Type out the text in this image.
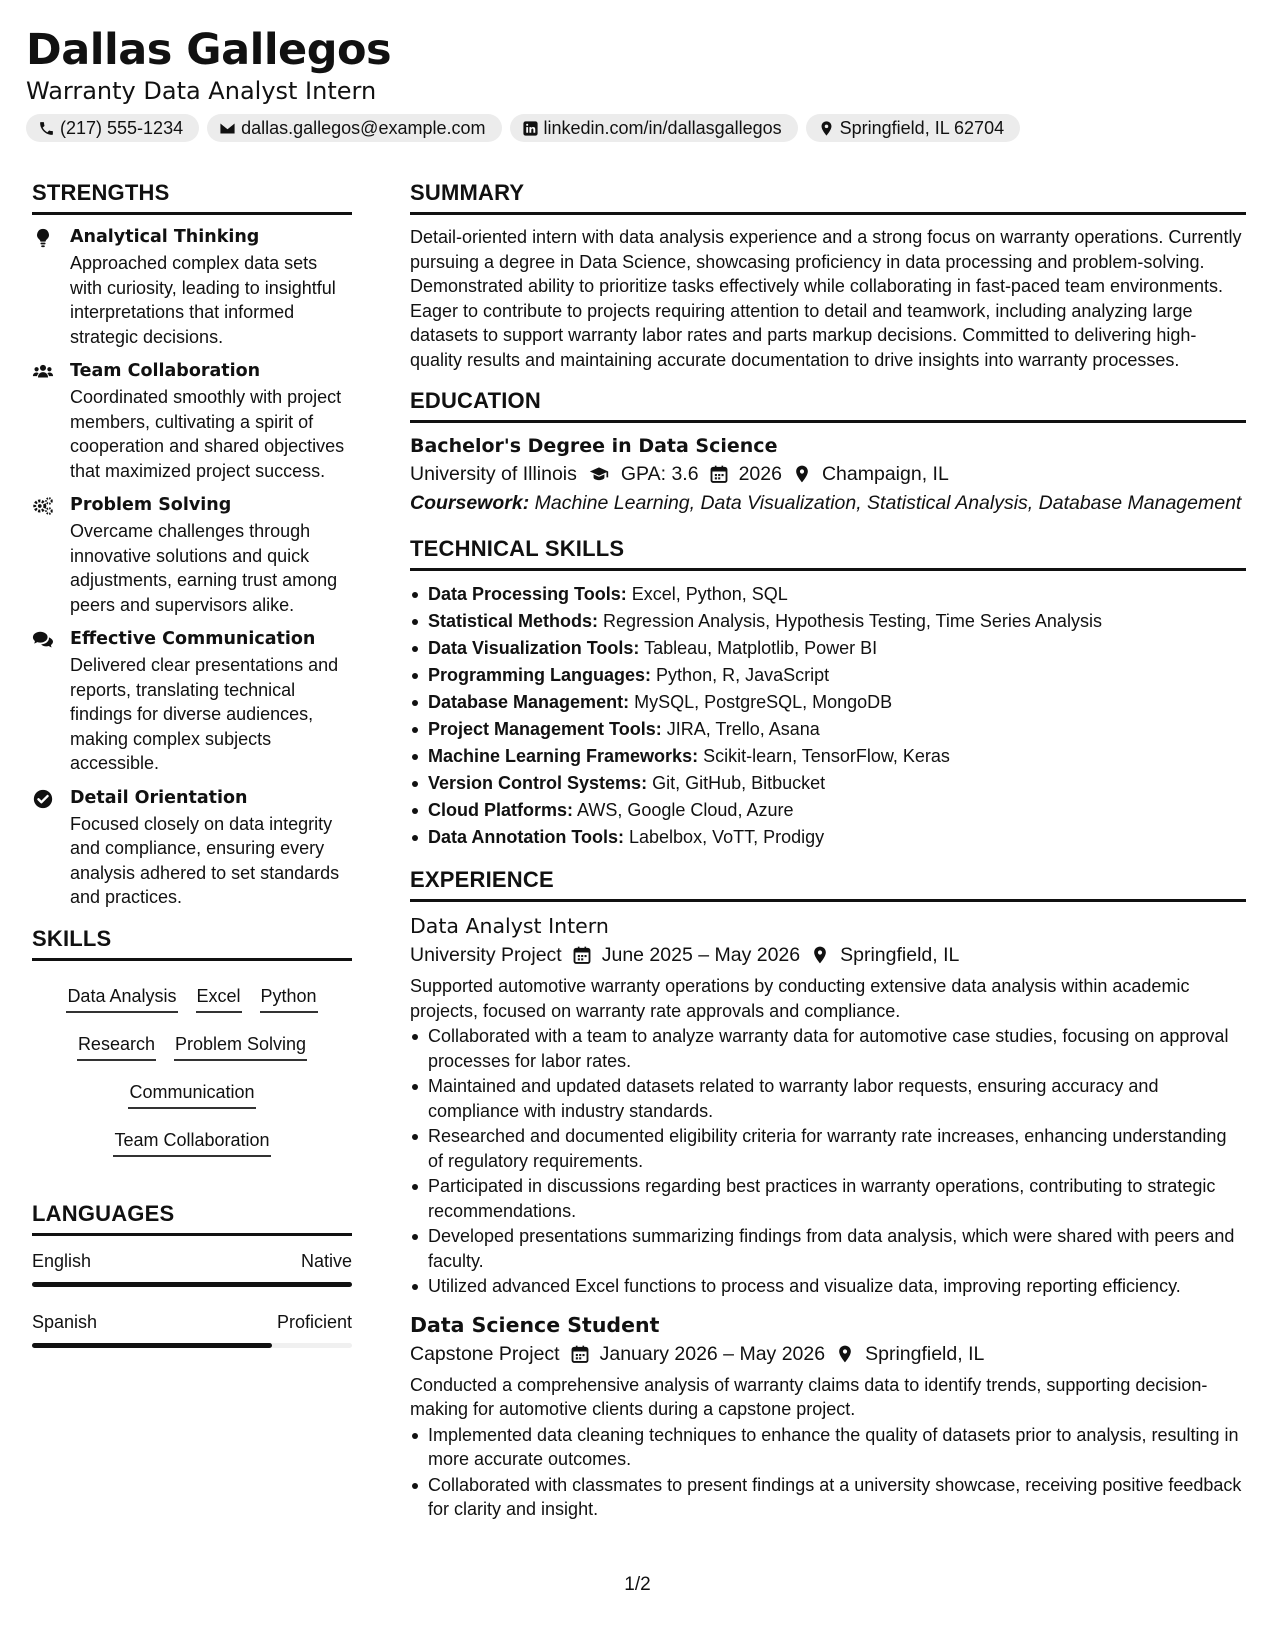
Dallas Gallegos
Warranty Data Analyst Intern
(217) 555-1234	dallas.gallegos@example.com	linkedin.com/in/dallasgallegos	Springfield, IL 62704
STRENGTHS
Analytical Thinking
Approached complex data sets with curiosity, leading to insightful interpretations that informed strategic decisions.
Team Collaboration
Coordinated smoothly with project members, cultivating a spirit of cooperation and shared objectives that maximized project success.
Problem Solving
Overcame challenges through innovative solutions and quick adjustments, earning trust among peers and supervisors alike.
Effective Communication
Delivered clear presentations and reports, translating technical findings for diverse audiences, making complex subjects accessible.
Detail Orientation
Focused closely on data integrity and compliance, ensuring every analysis adhered to set standards and practices.
SKILLS
Data Analysis Excel Python
Research Problem Solving
Communication
Team Collaboration
LANGUAGES
English	Native
Spanish	Proficient
SUMMARY
Detail-oriented intern with data analysis experience and a strong focus on warranty operations. Currently pursuing a degree in Data Science, showcasing proficiency in data processing and problem-solving. Demonstrated ability to prioritize tasks effectively while collaborating in fast-paced team environments. Eager to contribute to projects requiring attention to detail and teamwork, including analyzing large datasets to support warranty labor rates and parts markup decisions. Committed to delivering high-quality results and maintaining accurate documentation to drive insights into warranty processes.
EDUCATION
Bachelor's Degree in Data Science
University of Illinois GPA: 3.6 2026 Champaign, IL
Coursework: Machine Learning, Data Visualization, Statistical Analysis, Database Management
TECHNICAL SKILLS
Data Processing Tools: Excel, Python, SQL
Statistical Methods: Regression Analysis, Hypothesis Testing, Time Series Analysis
Data Visualization Tools: Tableau, Matplotlib, Power BI
Programming Languages: Python, R, JavaScript
Database Management: MySQL, PostgreSQL, MongoDB
Project Management Tools: JIRA, Trello, Asana
Machine Learning Frameworks: Scikit-learn, TensorFlow, Keras
Version Control Systems: Git, GitHub, Bitbucket
Cloud Platforms: AWS, Google Cloud, Azure
Data Annotation Tools: Labelbox, VoTT, Prodigy
EXPERIENCE
Data Analyst Intern
University Project June 2025 – May 2026 Springfield, IL
Supported automotive warranty operations by conducting extensive data analysis within academic projects, focused on warranty rate approvals and compliance.
Collaborated with a team to analyze warranty data for automotive case studies, focusing on approval processes for labor rates.
Maintained and updated datasets related to warranty labor requests, ensuring accuracy and compliance with industry standards.
Researched and documented eligibility criteria for warranty rate increases, enhancing understanding of regulatory requirements.
Participated in discussions regarding best practices in warranty operations, contributing to strategic recommendations.
Developed presentations summarizing findings from data analysis, which were shared with peers and faculty.
Utilized advanced Excel functions to process and visualize data, improving reporting efficiency.
Data Science Student
Capstone Project January 2026 – May 2026 Springfield, IL
Conducted a comprehensive analysis of warranty claims data to identify trends, supporting decision-making for automotive clients during a capstone project.
Implemented data cleaning techniques to enhance the quality of datasets prior to analysis, resulting in more accurate outcomes.
Collaborated with classmates to present findings at a university showcase, receiving positive feedback for clarity and insight.
1/2
